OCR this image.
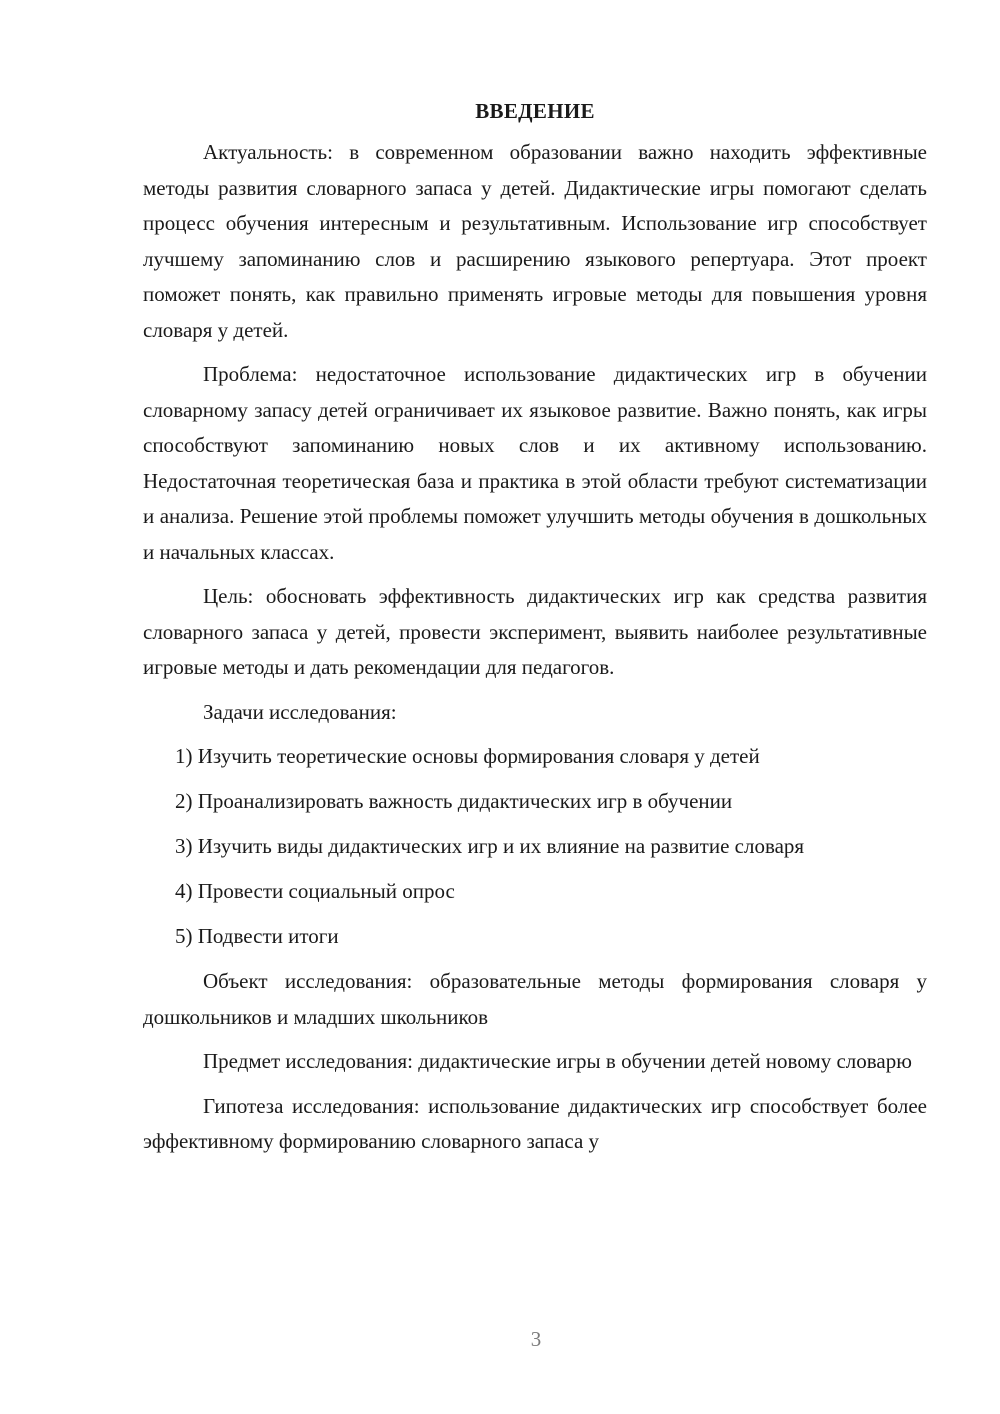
ВВЕДЕНИЕ

Актуальность: в современном образовании важно находить эффективные методы развития словарного запаса у детей. Дидактические игры помогают сделать процесс обучения интересным и результативным. Использование игр способствует лучшему запоминанию слов и расширению языкового репертуара. Этот проект поможет понять, как правильно применять игровые методы для повышения уровня словаря у детей.

Проблема: недостаточное использование дидактических игр в обучении словарному запасу детей ограничивает их языковое развитие. Важно понять, как игры способствуют запоминанию новых слов и их активному использованию. Недостаточная теоретическая база и практика в этой области требуют систематизации и анализа. Решение этой проблемы поможет улучшить методы обучения в дошкольных и начальных классах.

Цель: обосновать эффективность дидактических игр как средства развития словарного запаса у детей, провести эксперимент, выявить наиболее результативные игровые методы и дать рекомендации для педагогов.

Задачи исследования:

1) Изучить теоретические основы формирования словаря у детей
2) Проанализировать важность дидактических игр в обучении
3) Изучить виды дидактических игр и их влияние на развитие словаря
4) Провести социальный опрос
5) Подвести итоги

Объект исследования: образовательные методы формирования словаря у дошкольников и младших школьников

Предмет исследования: дидактические игры в обучении детей новому словарю

Гипотеза исследования: использование дидактических игр способствует более эффективному формированию словарного запаса у

3
